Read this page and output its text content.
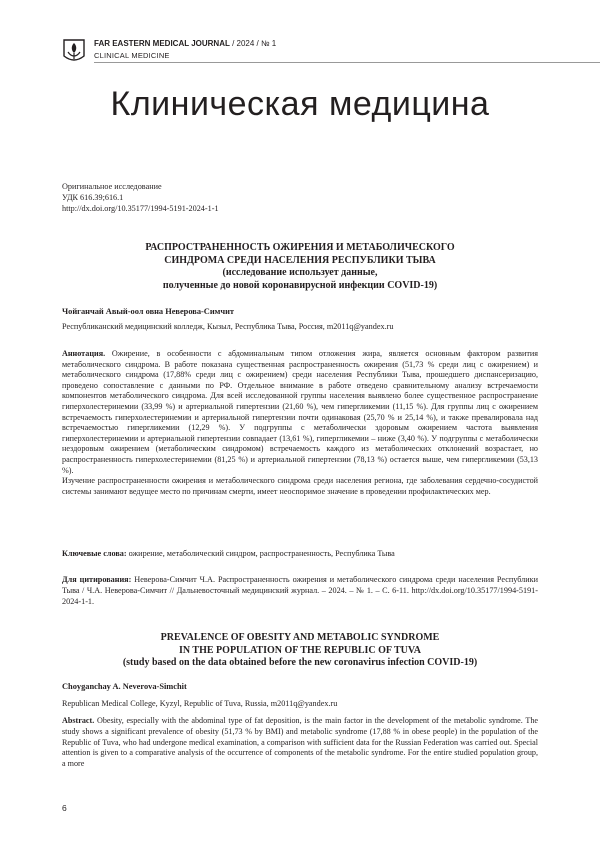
FAR EASTERN MEDICAL JOURNAL / 2024 / № 1
CLINICAL MEDICINE
Клиническая медицина
Оригинальное исследование
УДК 616.39;616.1
http://dx.doi.org/10.35177/1994-5191-2024-1-1
РАСПРОСТРАНЕННОСТЬ ОЖИРЕНИЯ И МЕТАБОЛИЧЕСКОГО
СИНДРОМА СРЕДИ НАСЕЛЕНИЯ РЕСПУБЛИКИ ТЫВА
(исследование использует данные,
полученные до новой коронавирусной инфекции COVID-19)
Чойганчай Авый-оол овна Неверова-Симчит
Республиканский медицинский колледж, Кызыл, Республика Тыва, Россия, m2011q@yandex.ru

Аннотация. Ожирение, в особенности с абдоминальным типом отложения жира, является основным фактором развития метаболического синдрома. В работе показана существенная распространенность ожирения (51,73 % среди лиц с ожирением) и метаболического синдрома (17,88% среди лиц с ожирением) среди населения Республики Тыва, прошедшего диспансеризацию, проведено сопоставление с данными по РФ. Отдельное внимание в работе отведено сравнительному анализу встречаемости компонентов метаболического синдрома. Для всей исследованной группы населения выявлено более существенное распространение гиперхолестеринемии (33,99 %) и артериальной гипертензии (21,60 %), чем гипергликемии (11,15 %). Для группы лиц с ожирением встречаемость гиперхолестеринемии и артериальной гипертензии почти одинаковая (25,70 % и 25,14 %), и также превалировала над встречаемостью гипергликемии (12,29 %). У подгруппы с метаболически здоровым ожирением частота выявления гиперхолестеринемии и артериальной гипертензии совпадает (13,61 %), гипергликемии – ниже (3,40 %). У подгруппы с метаболически нездоровым ожирением (метаболическим синдромом) встречаемость каждого из метаболических отклонений возрастает, но распространенность гиперхолестеринемии (81,25 %) и артериальной гипертензии (78,13 %) остается выше, чем гипергликемии (53,13 %).

Изучение распространенности ожирения и метаболического синдрома среди населения региона, где заболевания сердечно-сосудистой системы занимают ведущее место по причинам смерти, имеет неоспоримое значение в проведении профилактических мер.

Ключевые слова: ожирение, метаболический синдром, распространенность, Республика Тыва
Для цитирования: Неверова-Симчит Ч.А. Распространенность ожирения и метаболического синдрома среди населения Республики Тыва / Ч.А. Неверова-Симчит // Дальневосточный медицинский журнал. – 2024. – № 1. – С. 6-11. http://dx.doi.org/10.35177/1994-5191-2024-1-1.
PREVALENCE OF OBESITY AND METABOLIC SYNDROME
IN THE POPULATION OF THE REPUBLIC OF TUVA
(study based on the data obtained before the new coronavirus infection COVID-19)
Choyganchay A. Neverova-Simchit
Republican Medical College, Kyzyl, Republic of Tuva, Russia, m2011q@yandex.ru
Abstract. Obesity, especially with the abdominal type of fat deposition, is the main factor in the development of the metabolic syndrome. The study shows a significant prevalence of obesity (51,73 % by BMI) and metabolic syndrome (17,88 % in obese people) in the population of the Republic of Tuva, who had undergone medical examination, a comparison with sufficient data for the Russian Federation was carried out. Special attention is given to a comparative analysis of the occurrence of components of the metabolic syndrome. For the entire studied population group, a more
6
